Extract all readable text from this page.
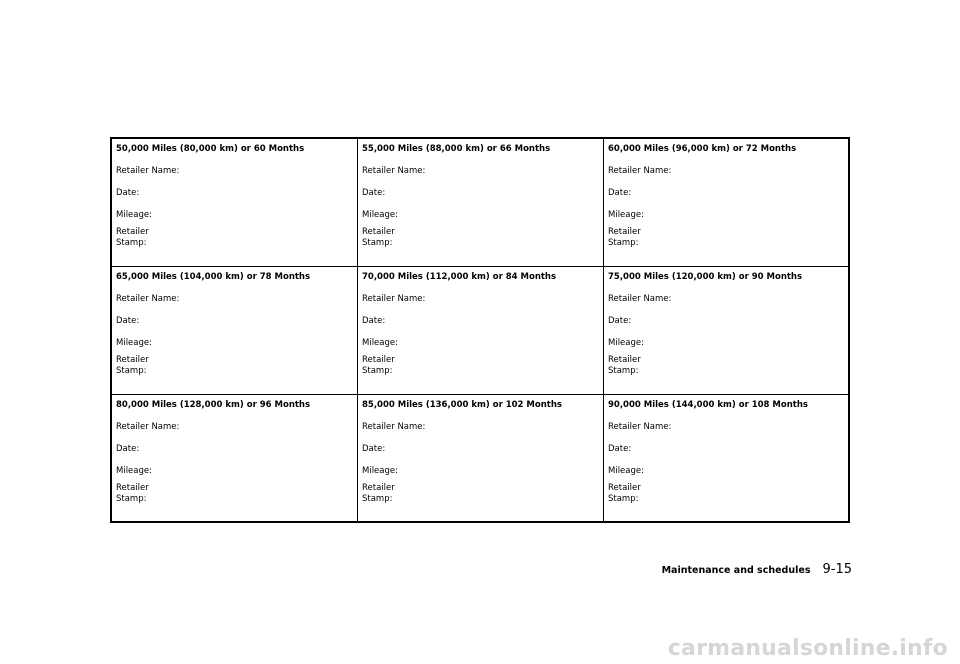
50,000 Miles (80,000 km) or 60 Months
Retailer Name:
Date:
Mileage:
Retailer
Stamp:
55,000 Miles (88,000 km) or 66 Months
Retailer Name:
Date:
Mileage:
Retailer
Stamp:
60,000 Miles (96,000 km) or 72 Months
Retailer Name:
Date:
Mileage:
Retailer
Stamp:
65,000 Miles (104,000 km) or 78 Months
Retailer Name:
Date:
Mileage:
Retailer
Stamp:
70,000 Miles (112,000 km) or 84 Months
Retailer Name:
Date:
Mileage:
Retailer
Stamp:
75,000 Miles (120,000 km) or 90 Months
Retailer Name:
Date:
Mileage:
Retailer
Stamp:
80,000 Miles (128,000 km) or 96 Months
Retailer Name:
Date:
Mileage:
Retailer
Stamp:
85,000 Miles (136,000 km) or 102 Months
Retailer Name:
Date:
Mileage:
Retailer
Stamp:
90,000 Miles (144,000 km) or 108 Months
Retailer Name:
Date:
Mileage:
Retailer
Stamp:
Maintenance and schedules 9-15
carmanualsonline.info
